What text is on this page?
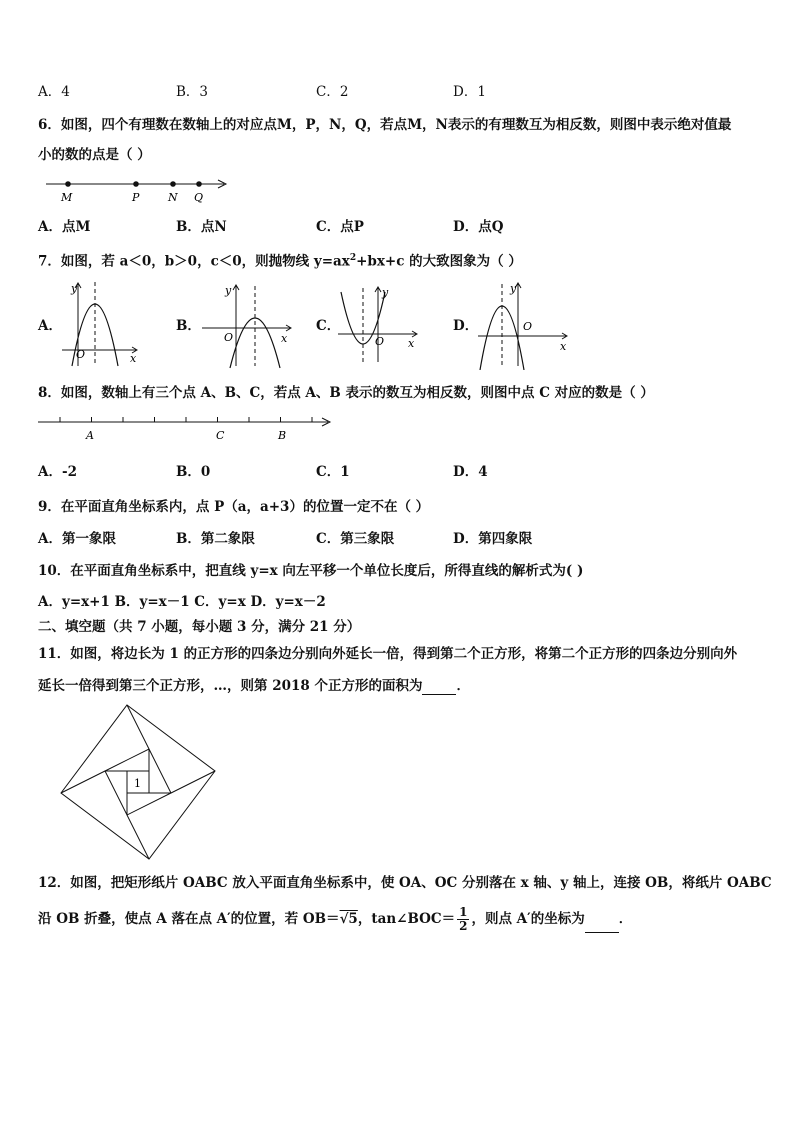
A．4	B．3	C．2	D．1
6．如图，四个有理数在数轴上的对应点M，P，N，Q，若点M，N表示的有理数互为相反数，则图中表示绝对值最
小的数的点是（ ）
M	P	N Q
A．点M	B．点N	C．点P	D．点Q
7．如图，若 a＜0，b＞0，c＜0，则抛物线 $y=ax^2+bx+c$ 的大致图象为（ ）
A．
y
O	x
B．
y
O	x
C．
y
O x
D．
y
O
x
8．如图，数轴上有三个点 A、B、C，若点 A、B 表示的数互为相反数，则图中点 C 对应的数是（ ）
A	C	B
A．-2	B．0	C．1	D．4
9．在平面直角坐标系内，点 P（a，a+3）的位置一定不在（ ）
A．第一象限	B．第二象限	C．第三象限	D．第四象限
10．在平面直角坐标系中，把直线 y=x 向左平移一个单位长度后，所得直线的解析式为( )
A．y=x+1 B．y=x－1 C．y=x D．y=x－2
二、填空题（共 7 小题，每小题 3 分，满分 21 分）
11．如图，将边长为 1 的正方形的四条边分别向外延长一倍，得到第二个正方形，将第二个正方形的四条边分别向外
延长一倍得到第三个正方形，…，则第 2018 个正方形的面积为	．
1
12．如图，把矩形纸片 OABC 放入平面直角坐标系中，使 OA、OC 分别落在 x 轴、y 轴上，连接 OB，将纸片 OABC
沿 OB 折叠，使点 A 落在点 A′的位置，若 OB＝√5，tan∠BOC＝ $\frac{1}{2}$ ，则点 A′的坐标为	．
